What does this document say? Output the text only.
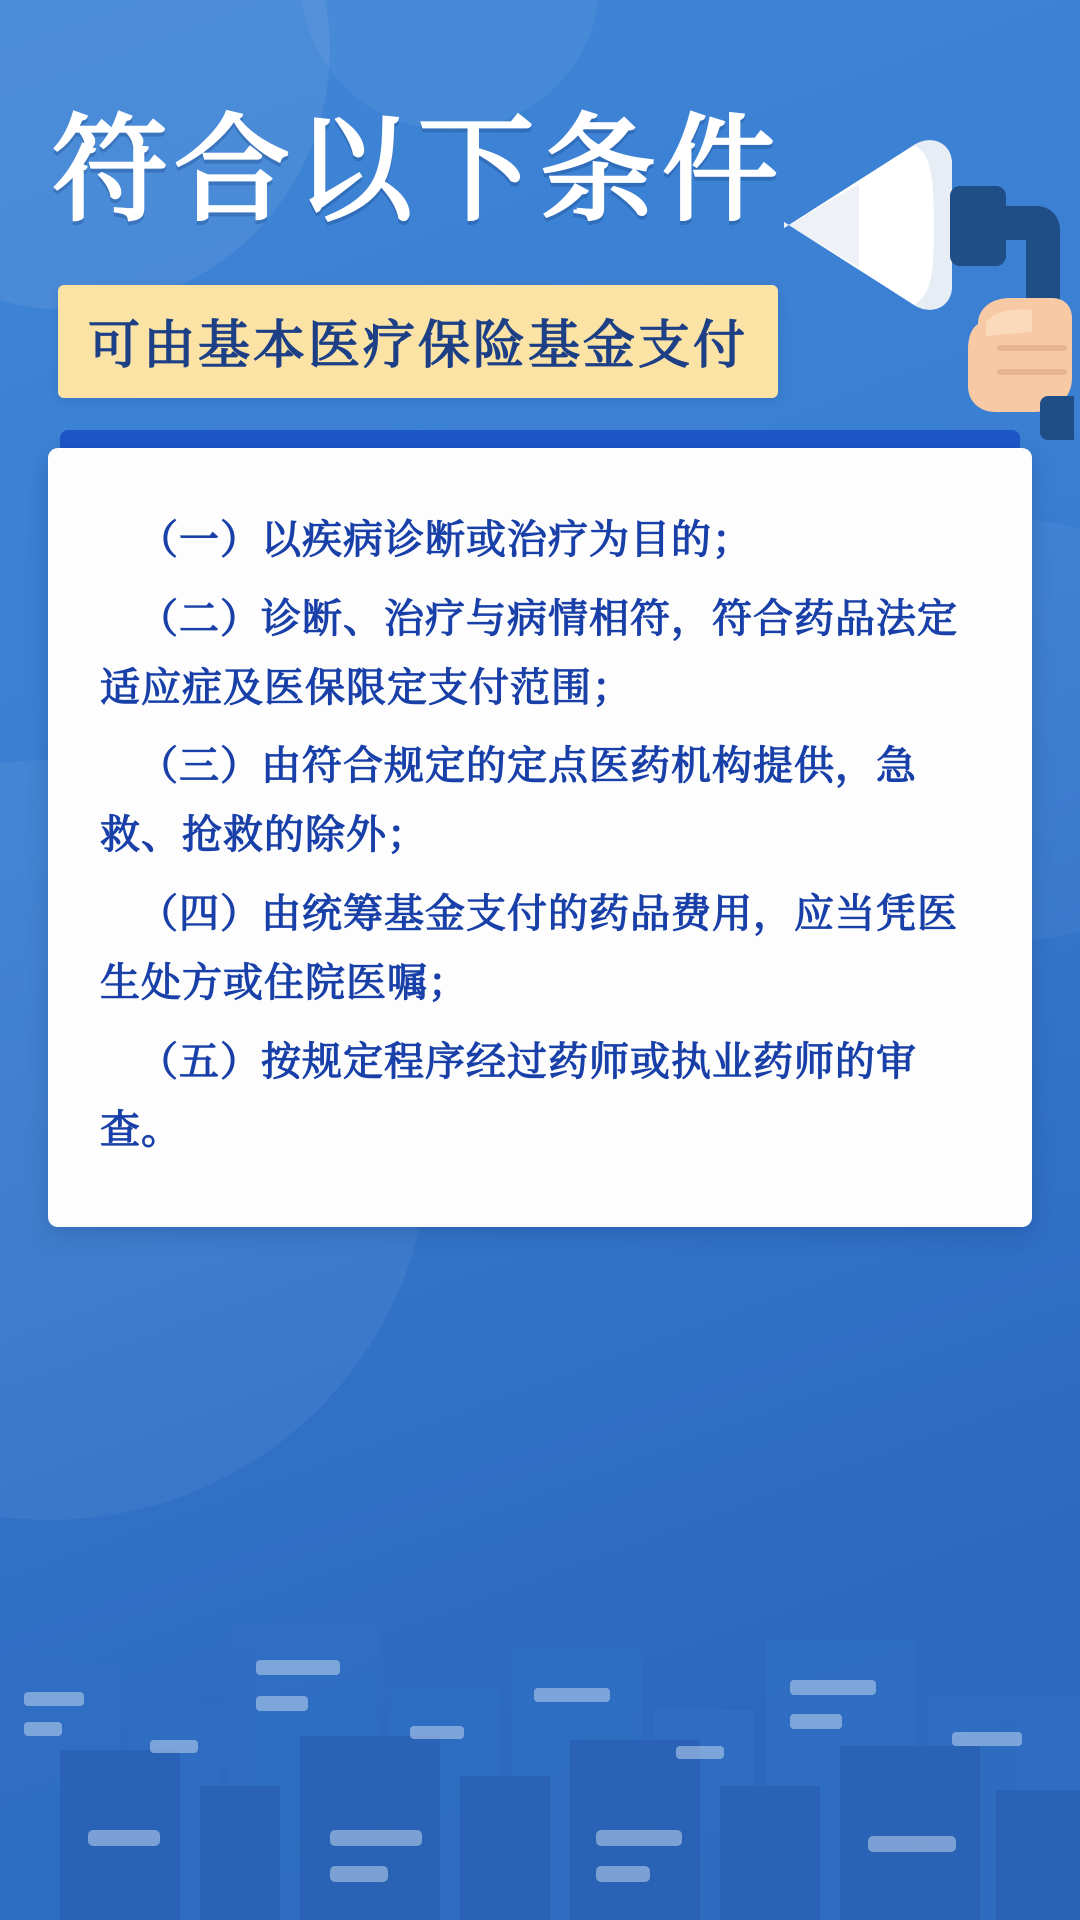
符合以下条件
可由基本医疗保险基金支付

（一）以疾病诊断或治疗为目的；

（二）诊断、治疗与病情相符，符合药品法定适应症及医保限定支付范围；

（三）由符合规定的定点医药机构提供，急救、抢救的除外；

（四）由统筹基金支付的药品费用，应当凭医生处方或住院医嘱；

（五）按规定程序经过药师或执业药师的审查。
